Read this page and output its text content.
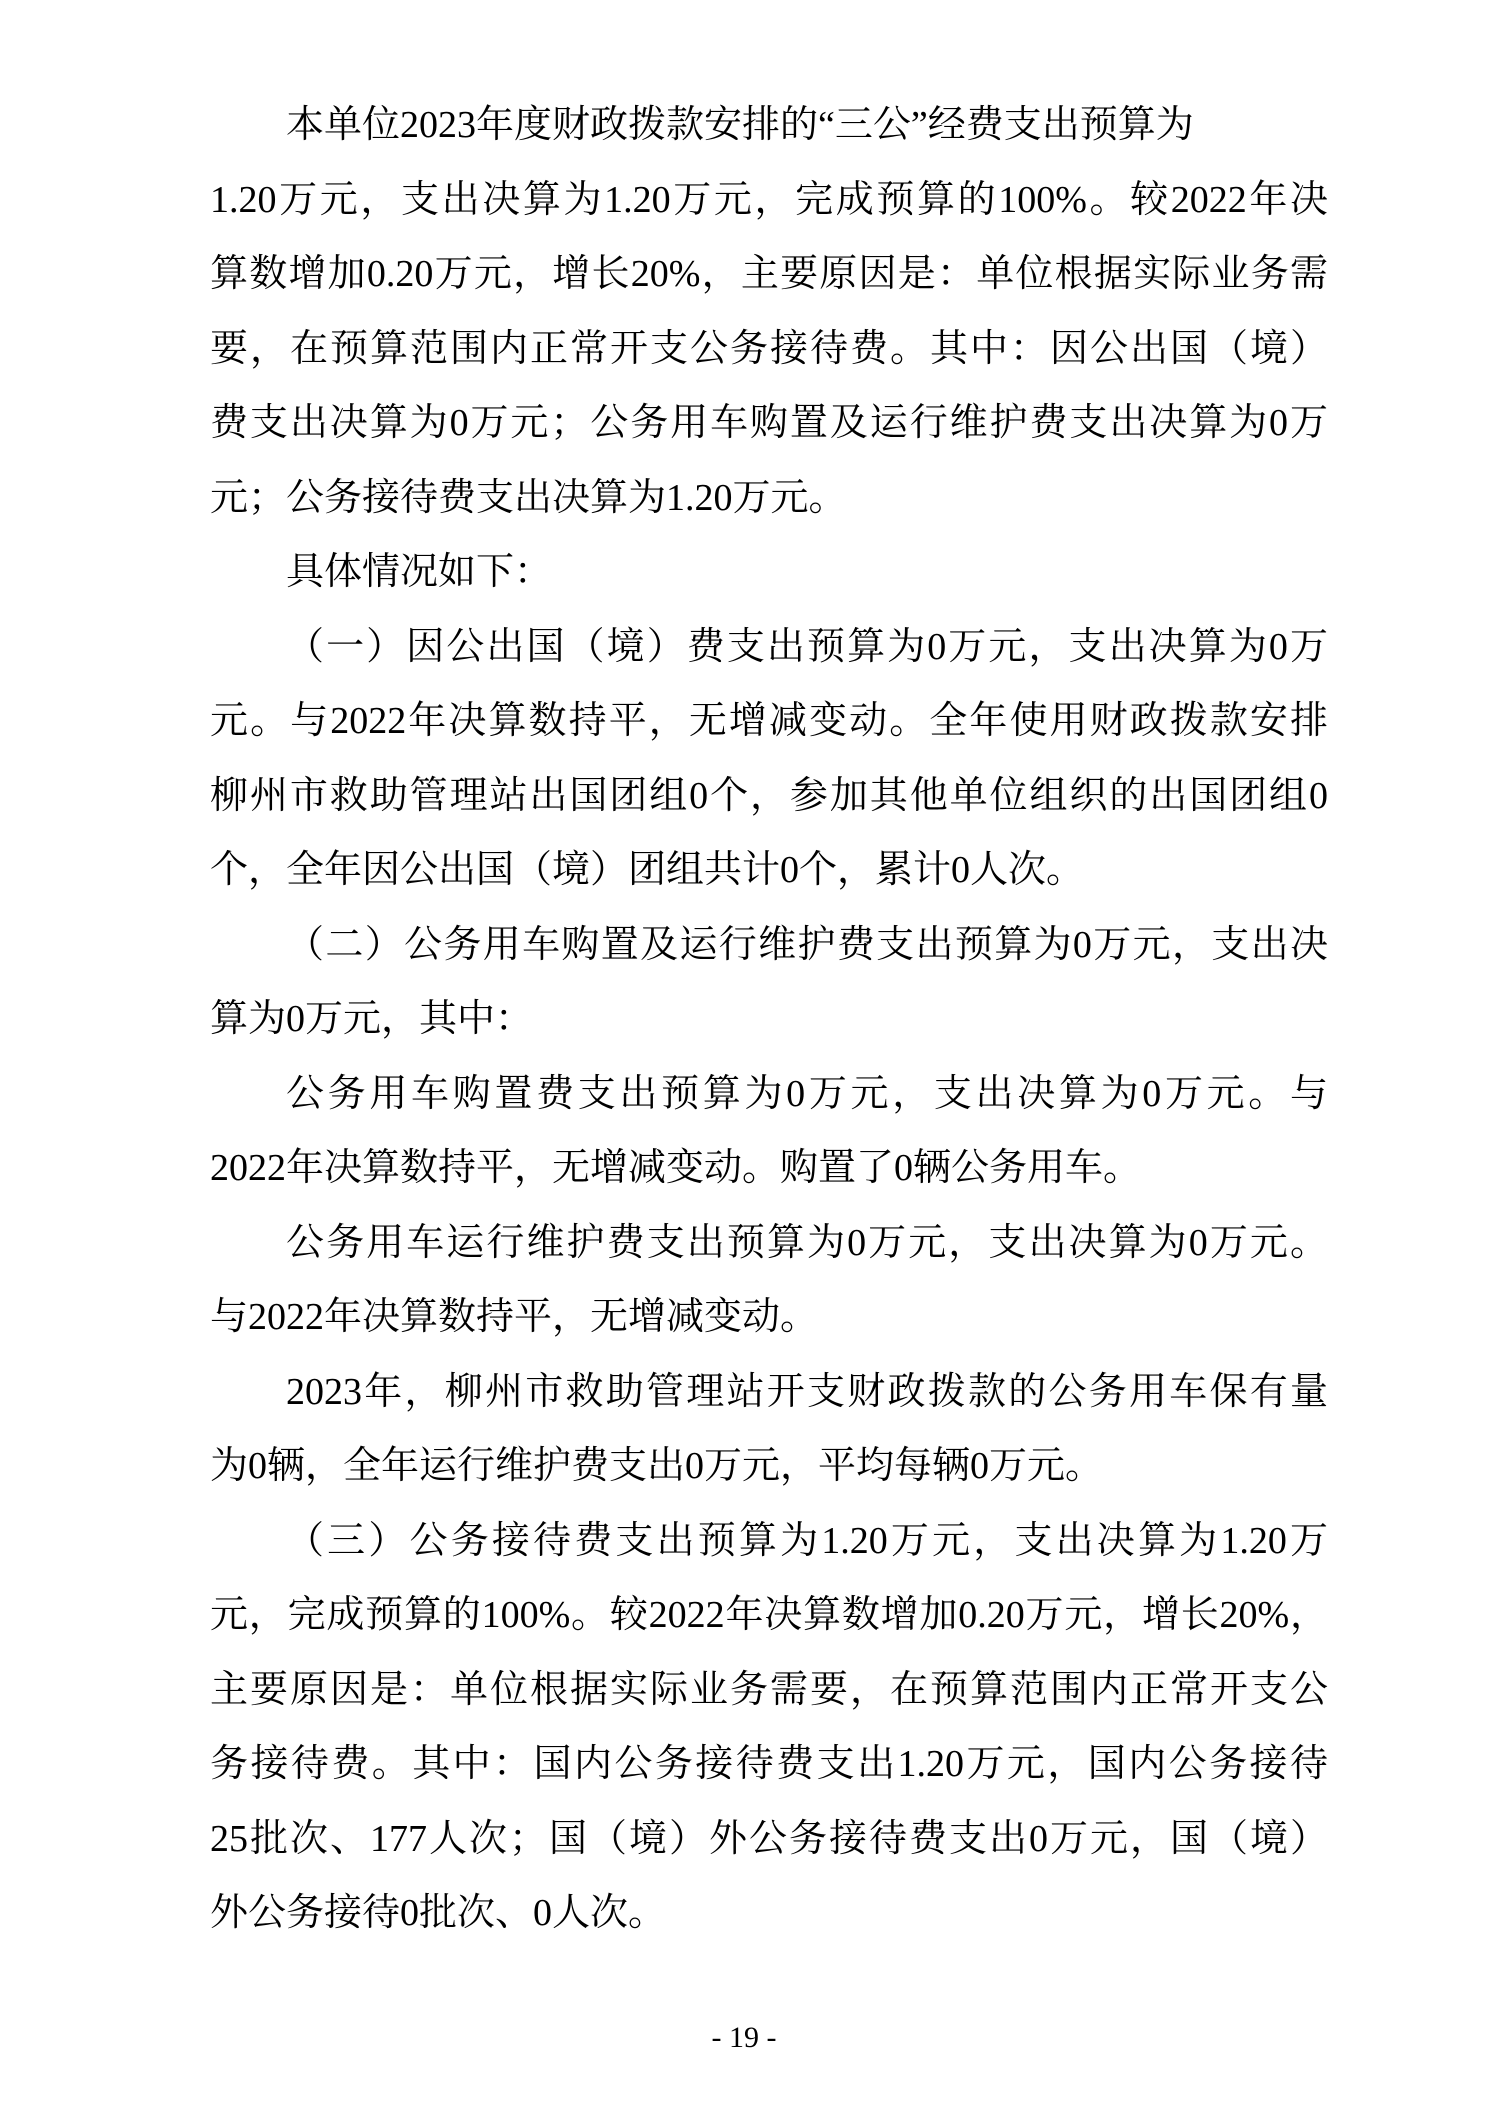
本单位2023年度财政拨款安排的“三公”经费支出预算为
1.20万元，支出决算为1.20万元，完成预算的100%。较2022年决
算数增加0.20万元，增长20%，主要原因是：单位根据实际业务需
要，在预算范围内正常开支公务接待费。其中：因公出国（境）
费支出决算为0万元；公务用车购置及运行维护费支出决算为0万
元；公务接待费支出决算为1.20万元。
具体情况如下：
（一）因公出国（境）费支出预算为0万元，支出决算为0万
元。与2022年决算数持平，无增减变动。全年使用财政拨款安排
柳州市救助管理站出国团组0个，参加其他单位组织的出国团组0
个，全年因公出国（境）团组共计0个，累计0人次。
（二）公务用车购置及运行维护费支出预算为0万元，支出决
算为0万元，其中：
公务用车购置费支出预算为0万元，支出决算为0万元。与
2022年决算数持平，无增减变动。购置了0辆公务用车。
公务用车运行维护费支出预算为0万元，支出决算为0万元。
与2022年决算数持平，无增减变动。
2023年，柳州市救助管理站开支财政拨款的公务用车保有量
为0辆，全年运行维护费支出0万元，平均每辆0万元。
（三）公务接待费支出预算为1.20万元，支出决算为1.20万
元，完成预算的100%。较2022年决算数增加0.20万元，增长20%，
主要原因是：单位根据实际业务需要，在预算范围内正常开支公
务接待费。其中：国内公务接待费支出1.20万元，国内公务接待
25批次、177人次；国（境）外公务接待费支出0万元，国（境）
外公务接待0批次、0人次。
- 19 -
